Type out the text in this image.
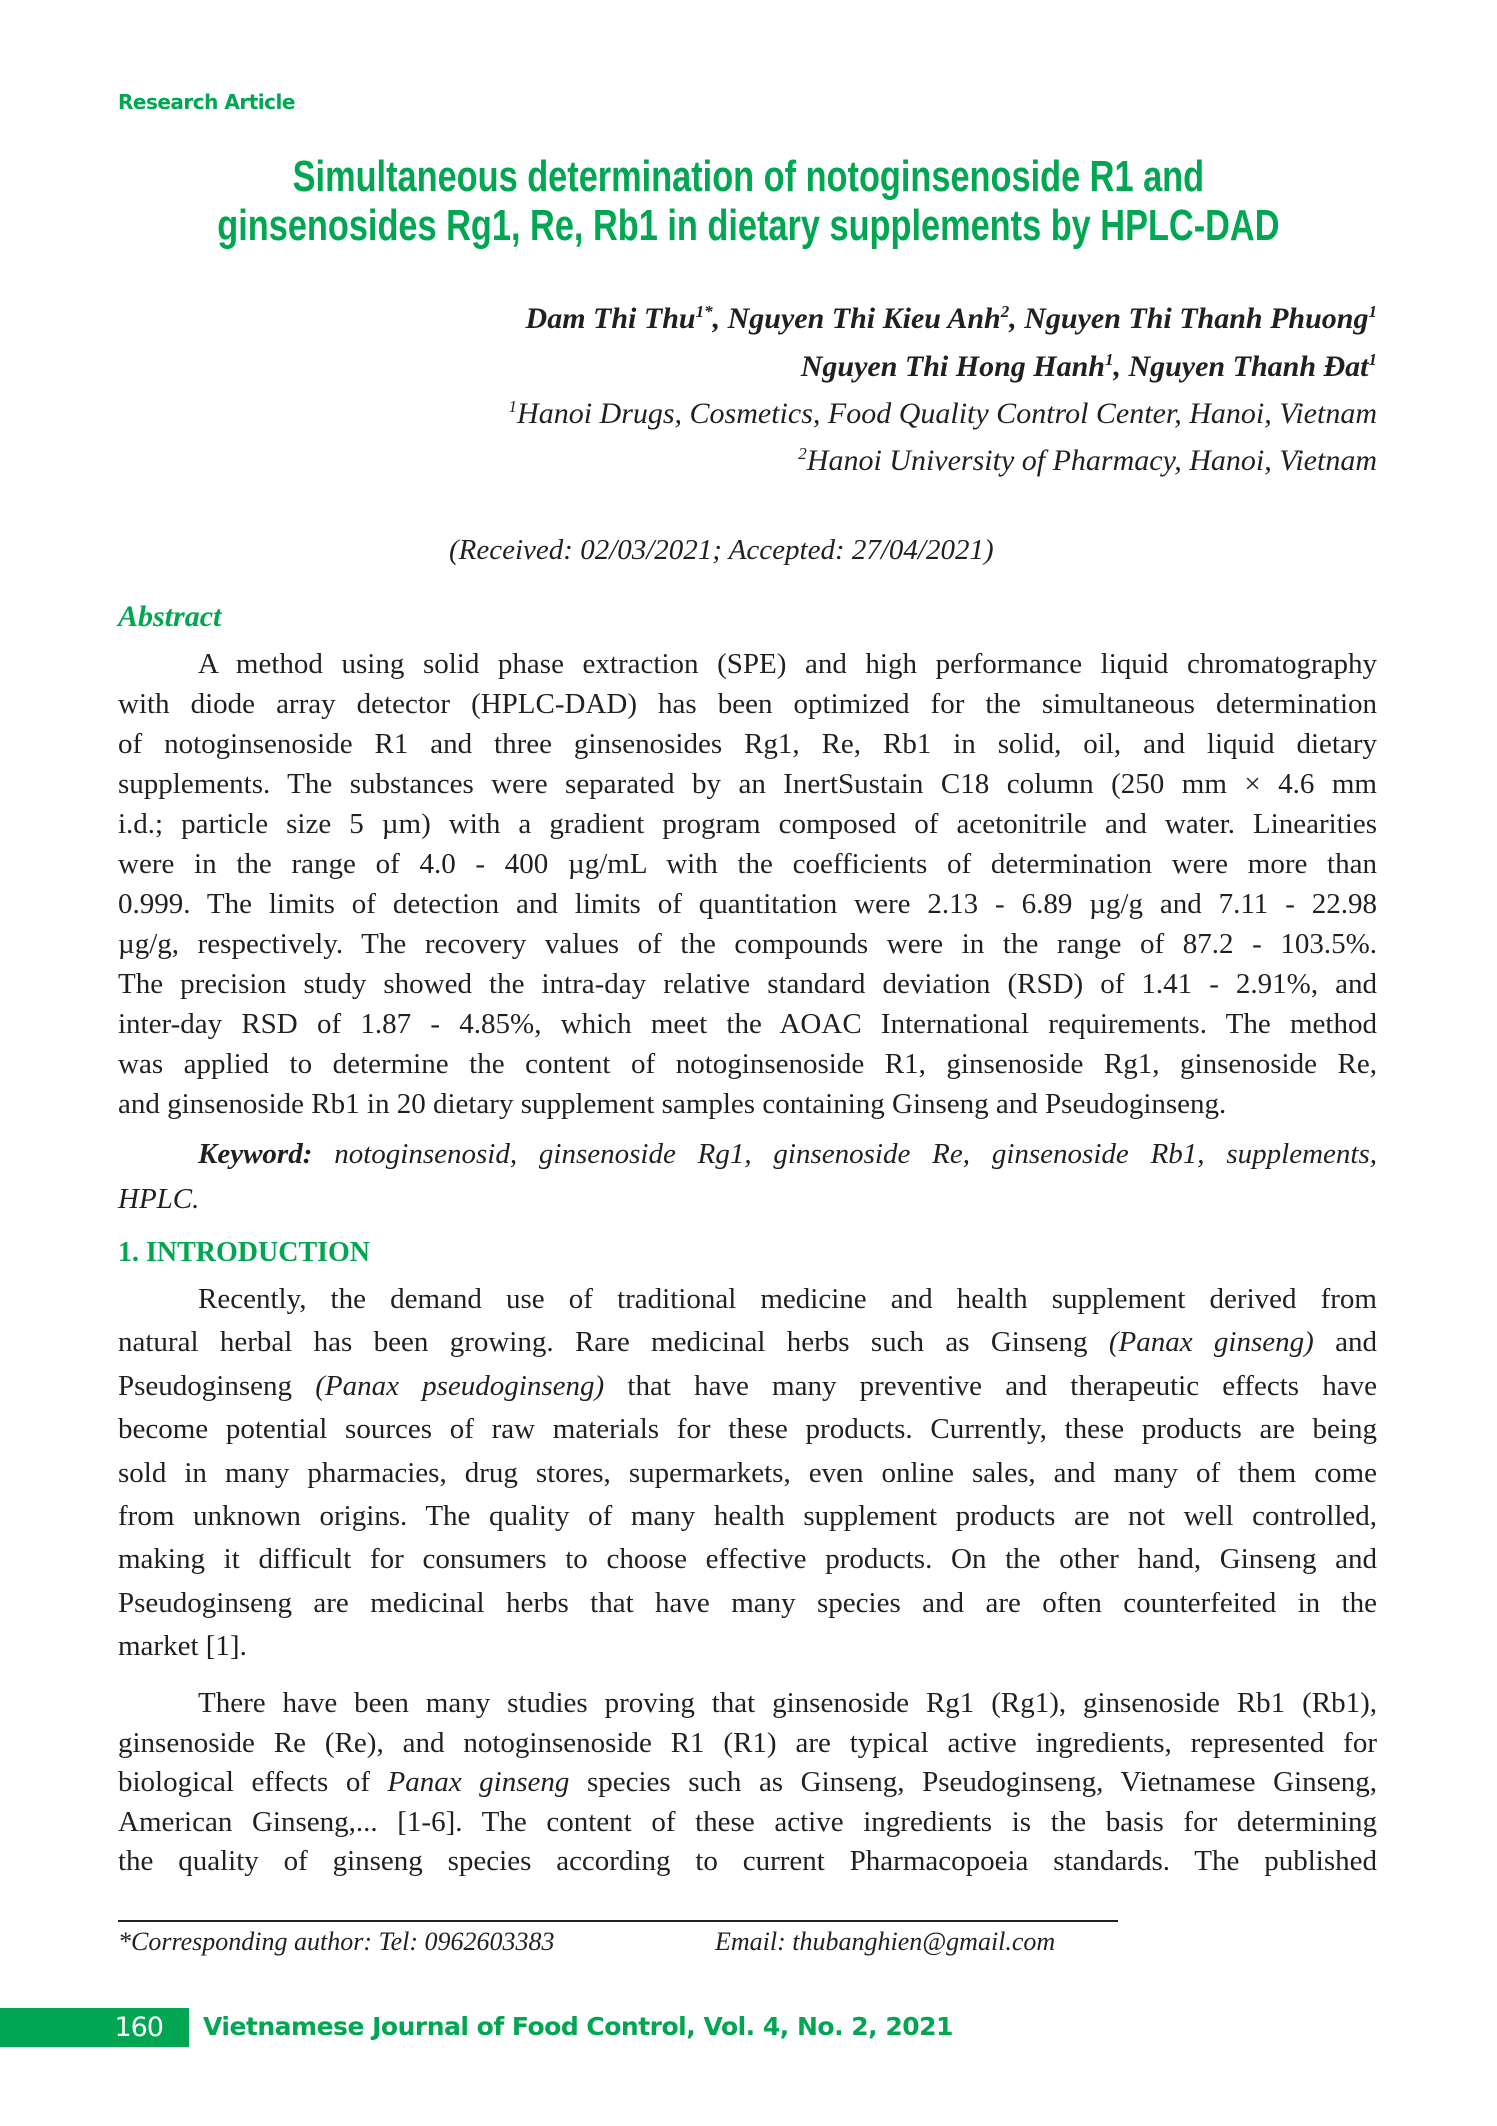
Research Article
Simultaneous determination of notoginsenoside R1 and
ginsenosides Rg1, Re, Rb1 in dietary supplements by HPLC-DAD
Dam Thi Thu$^{1*}$, Nguyen Thi Kieu Anh$^2$, Nguyen Thi Thanh Phuong$^1$
Nguyen Thi Hong Hanh$^1$, Nguyen Thanh Đat$^1$
$^1$Hanoi Drugs, Cosmetics, Food Quality Control Center, Hanoi, Vietnam
$^2$Hanoi University of Pharmacy, Hanoi, Vietnam
(Received: 02/03/2021; Accepted: 27/04/2021)
Abstract
A method using solid phase extraction (SPE) and high performance liquid chromatography
with diode array detector (HPLC-DAD) has been optimized for the simultaneous determination
of notoginsenoside R1 and three ginsenosides Rg1, Re, Rb1 in solid, oil, and liquid dietary
supplements. The substances were separated by an InertSustain C18 column (250 mm × 4.6 mm
i.d.; particle size 5 µm) with a gradient program composed of acetonitrile and water. Linearities
were in the range of 4.0 - 400 µg/mL with the coefficients of determination were more than
0.999. The limits of detection and limits of quantitation were 2.13 - 6.89 µg/g and 7.11 - 22.98
µg/g, respectively. The recovery values of the compounds were in the range of 87.2 - 103.5%.
The precision study showed the intra-day relative standard deviation (RSD) of 1.41 - 2.91%, and
inter-day RSD of 1.87 - 4.85%, which meet the AOAC International requirements. The method
was applied to determine the content of notoginsenoside R1, ginsenoside Rg1, ginsenoside Re,
and ginsenoside Rb1 in 20 dietary supplement samples containing Ginseng and Pseudoginseng.
Keyword: notoginsenosid, ginsenoside Rg1, ginsenoside Re, ginsenoside Rb1, supplements,
HPLC.
1. INTRODUCTION
Recently, the demand use of traditional medicine and health supplement derived from
natural herbal has been growing. Rare medicinal herbs such as Ginseng (Panax ginseng) and
Pseudoginseng (Panax pseudoginseng) that have many preventive and therapeutic effects have
become potential sources of raw materials for these products. Currently, these products are being
sold in many pharmacies, drug stores, supermarkets, even online sales, and many of them come
from unknown origins. The quality of many health supplement products are not well controlled,
making it difficult for consumers to choose effective products. On the other hand, Ginseng and
Pseudoginseng are medicinal herbs that have many species and are often counterfeited in the
market [1].
There have been many studies proving that ginsenoside Rg1 (Rg1), ginsenoside Rb1 (Rb1),
ginsenoside Re (Re), and notoginsenoside R1 (R1) are typical active ingredients, represented for
biological effects of Panax ginseng species such as Ginseng, Pseudoginseng, Vietnamese Ginseng,
American Ginseng,... [1-6]. The content of these active ingredients is the basis for determining
the quality of ginseng species according to current Pharmacopoeia standards. The published
*Corresponding author: Tel: 0962603383	Email: thubanghien@gmail.com
160 Vietnamese Journal of Food Control, Vol. 4, No. 2, 2021
